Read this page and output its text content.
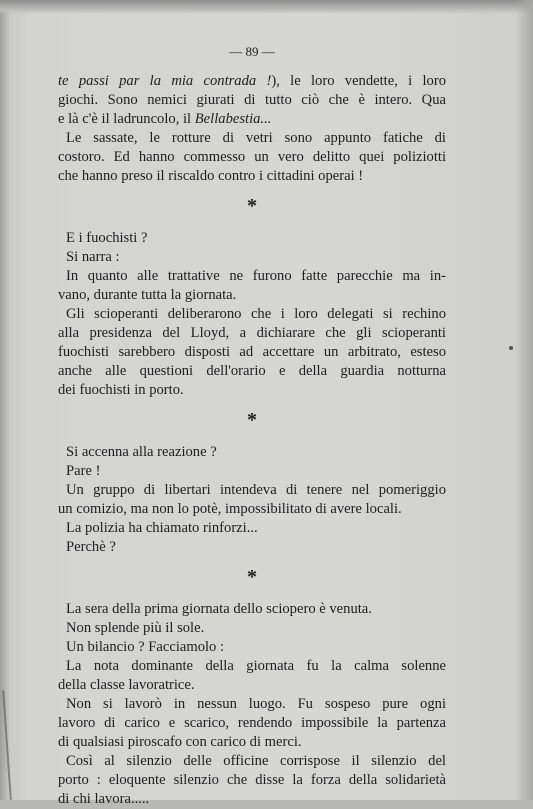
— 89 —
te passi par la mia contrada !), le loro vendette, i loro
giochi. Sono nemici giurati di tutto ciò che è intero. Qua
e là c'è il ladruncolo, il Bellabestia...
Le sassate, le rotture di vetri sono appunto fatiche di
costoro. Ed hanno commesso un vero delitto quei poliziotti
che hanno preso il riscaldo contro i cittadini operai !
*
E i fuochisti ?
Si narra :
In quanto alle trattative ne furono fatte parecchie ma in-
vano, durante tutta la giornata.
Gli scioperanti deliberarono che i loro delegati si rechino
alla presidenza del Lloyd, a dichiarare che gli scioperanti
fuochisti sarebbero disposti ad accettare un arbitrato, esteso
anche alle questioni dell'orario e della guardia notturna
dei fuochisti in porto.
*
Si accenna alla reazione ?
Pare !
Un gruppo di libertari intendeva di tenere nel pomeriggio
un comizio, ma non lo potè, impossibilitato di avere locali.
La polizia ha chiamato rinforzi...
Perchè ?
*
La sera della prima giornata dello sciopero è venuta.
Non splende più il sole.
Un bilancio ? Facciamolo :
La nota dominante della giornata fu la calma solenne
della classe lavoratrice.
Non si lavorò in nessun luogo. Fu sospeso pure ogni
lavoro di carico e scarico, rendendo impossibile la partenza
di qualsiasi piroscafo con carico di merci.
Così al silenzio delle officine corrispose il silenzio del
porto : eloquente silenzio che disse la forza della solidarietà
di chi lavora.....
